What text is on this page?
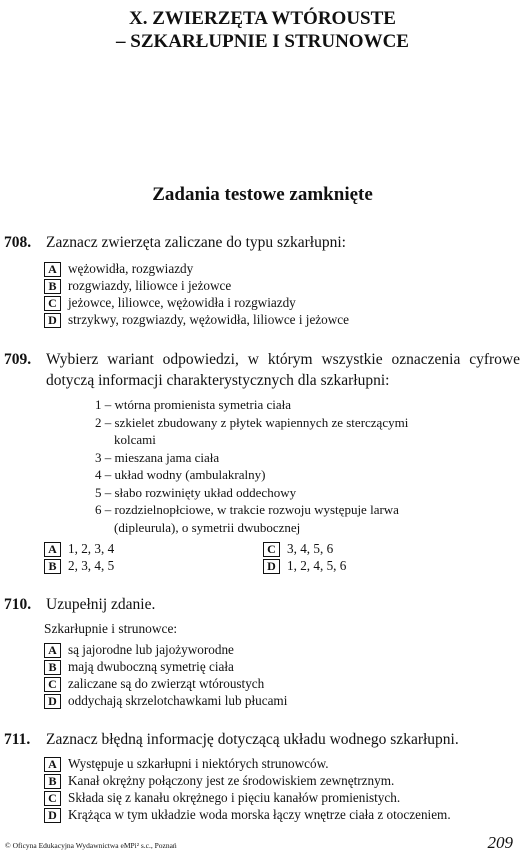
X. ZWIERZĘTA WTÓROUSTE
– SZKARŁUPNIE I STRUNOWCE
Zadania testowe zamknięte
708. Zaznacz zwierzęta zaliczane do typu szkarłupni:
A wężowidła, rozgwiazdy
B rozgwiazdy, liliowce i jeżowce
C jeżowce, liliowce, wężowidła i rozgwiazdy
D strzykwy, rozgwiazdy, wężowidła, liliowce i jeżowce
709. Wybierz wariant odpowiedzi, w którym wszystkie oznaczenia cyfrowe dotyczą informacji charakterystycznych dla szkarłupni:
1 – wtórna promienista symetria ciała
2 – szkielet zbudowany z płytek wapiennych ze sterczącymi
kolcami
3 – mieszana jama ciała
4 – układ wodny (ambulakralny)
5 – słabo rozwinięty układ oddechowy
6 – rozdzielnopłciowe, w trakcie rozwoju występuje larwa
(dipleurula), o symetrii dwubocznej
A 1, 2, 3, 4
B 2, 3, 4, 5
C 3, 4, 5, 6
D 1, 2, 4, 5, 6
710. Uzupełnij zdanie.
Szkarłupnie i strunowce:
A są jajorodne lub jajożyworodne
B mają dwuboczną symetrię ciała
C zaliczane są do zwierząt wtóroustych
D oddychają skrzelotchawkami lub płucami
711. Zaznacz błędną informację dotyczącą układu wodnego szkarłupni.
A Występuje u szkarłupni i niektórych strunowców.
B Kanał okrężny połączony jest ze środowiskiem zewnętrznym.
C Składa się z kanału okrężnego i pięciu kanałów promienistych.
D Krążąca w tym układzie woda morska łączy wnętrze ciała z otoczeniem.
© Oficyna Edukacyjna Wydawnictwa eMPi² s.c., Poznań	209
